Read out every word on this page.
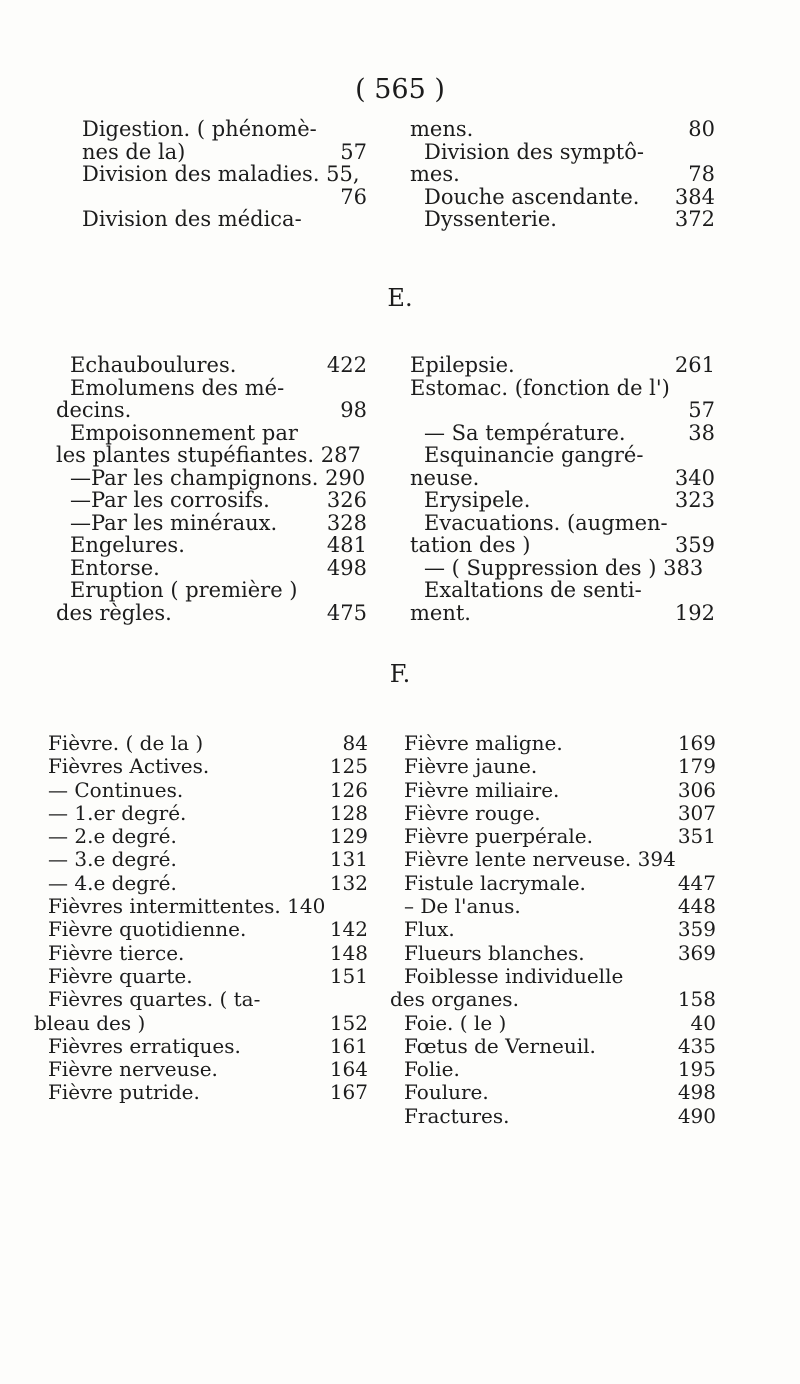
( 565 )
Digestion. ( phénomè-
nes de la)	57
Division des maladies. 55,

76
Division des médica-
mens.	80
Division des symptô-
mes.	78
Douche ascendante. 384
Dyssenterie.	372
E.
Echauboulures.	422
Emolumens des mé-
decins.	98
Empoisonnement par
les plantes stupéfiantes. 287
—Par les champignons. 290
—Par les corrosifs.	326
—Par les minéraux. 328
Engelures.	481
Entorse.	498
Eruption ( première )
des règles.	475
Epilepsie.	261
Estomac. (fonction de l')

57
— Sa température.	38
Esquinancie gangré-
neuse.	340
Erysipele.	323
Evacuations. (augmen-
tation des )	359
— ( Suppression des ) 383
Exaltations de senti-
ment.	192
F.
Fièvre. ( de la )	84
Fièvres Actives.	125
— Continues.	126
— 1.er degré.	128
— 2.e degré.	129
— 3.e degré.	131
— 4.e degré.	132
Fièvres intermittentes. 140
Fièvre quotidienne.	142
Fièvre tierce.	148
Fièvre quarte.	151
Fièvres quartes. ( ta-
bleau des )	152
Fièvres erratiques.	161
Fièvre nerveuse.	164
Fièvre putride.	167
Fièvre maligne.	169
Fièvre jaune.	179
Fièvre miliaire.	306
Fièvre rouge.	307
Fièvre puerpérale.	351
Fièvre lente nerveuse. 394
Fistule lacrymale.	447
– De l'anus.	448
Flux.	359
Flueurs blanches.	369
Foiblesse individuelle
des organes.	158
Foie. ( le )	40
Fœtus de Verneuil.	435
Folie.	195
Foulure.	498
Fractures.	490
